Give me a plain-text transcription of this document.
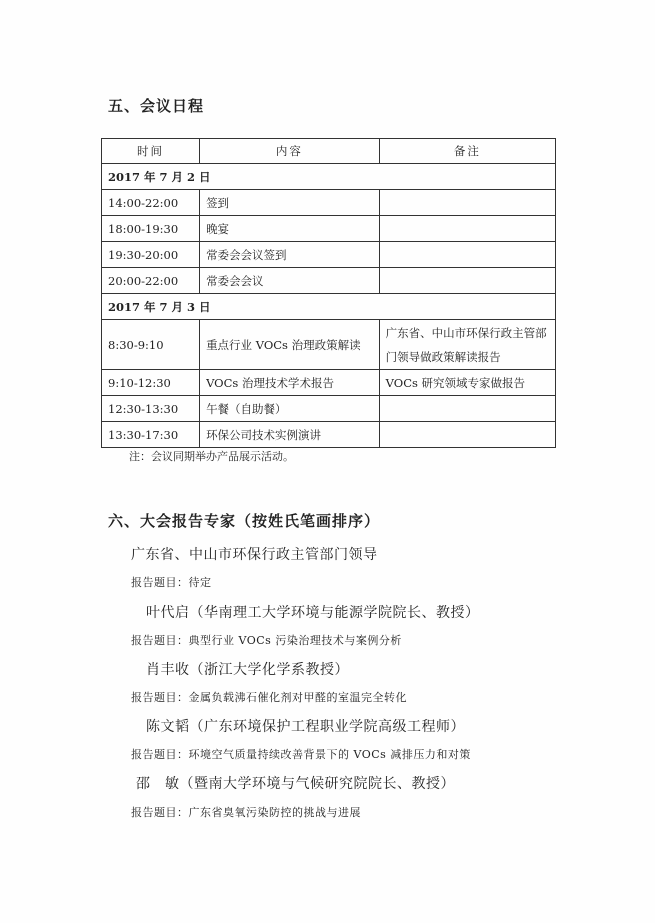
五、会议日程
时间	内容	备注
2017 年 7 月 2 日		
14:00-22:00	签到	
18:00-19:30	晚宴	
19:30-20:00	常委会会议签到	
20:00-22:00	常委会会议	
2017 年 7 月 3 日		
8:30-9:10	重点行业 VOCs 治理政策解读	广东省、中山市环保行政主管部门领导做政策解读报告
9:10-12:30	VOCs 治理技术学术报告	VOCs 研究领域专家做报告
12:30-13:30	午餐（自助餐）	
13:30-17:30	环保公司技术实例演讲	
注：会议同期举办产品展示活动。
六、大会报告专家（按姓氏笔画排序）
广东省、中山市环保行政主管部门领导
报告题目：待定
叶代启（华南理工大学环境与能源学院院长、教授）
报告题目：典型行业 VOCs 污染治理技术与案例分析
肖丰收（浙江大学化学系教授）
报告题目：金属负载沸石催化剂对甲醛的室温完全转化
陈文韬（广东环境保护工程职业学院高级工程师）
报告题目：环境空气质量持续改善背景下的 VOCs 减排压力和对策
邵　敏（暨南大学环境与气候研究院院长、教授）
报告题目：广东省臭氧污染防控的挑战与进展
